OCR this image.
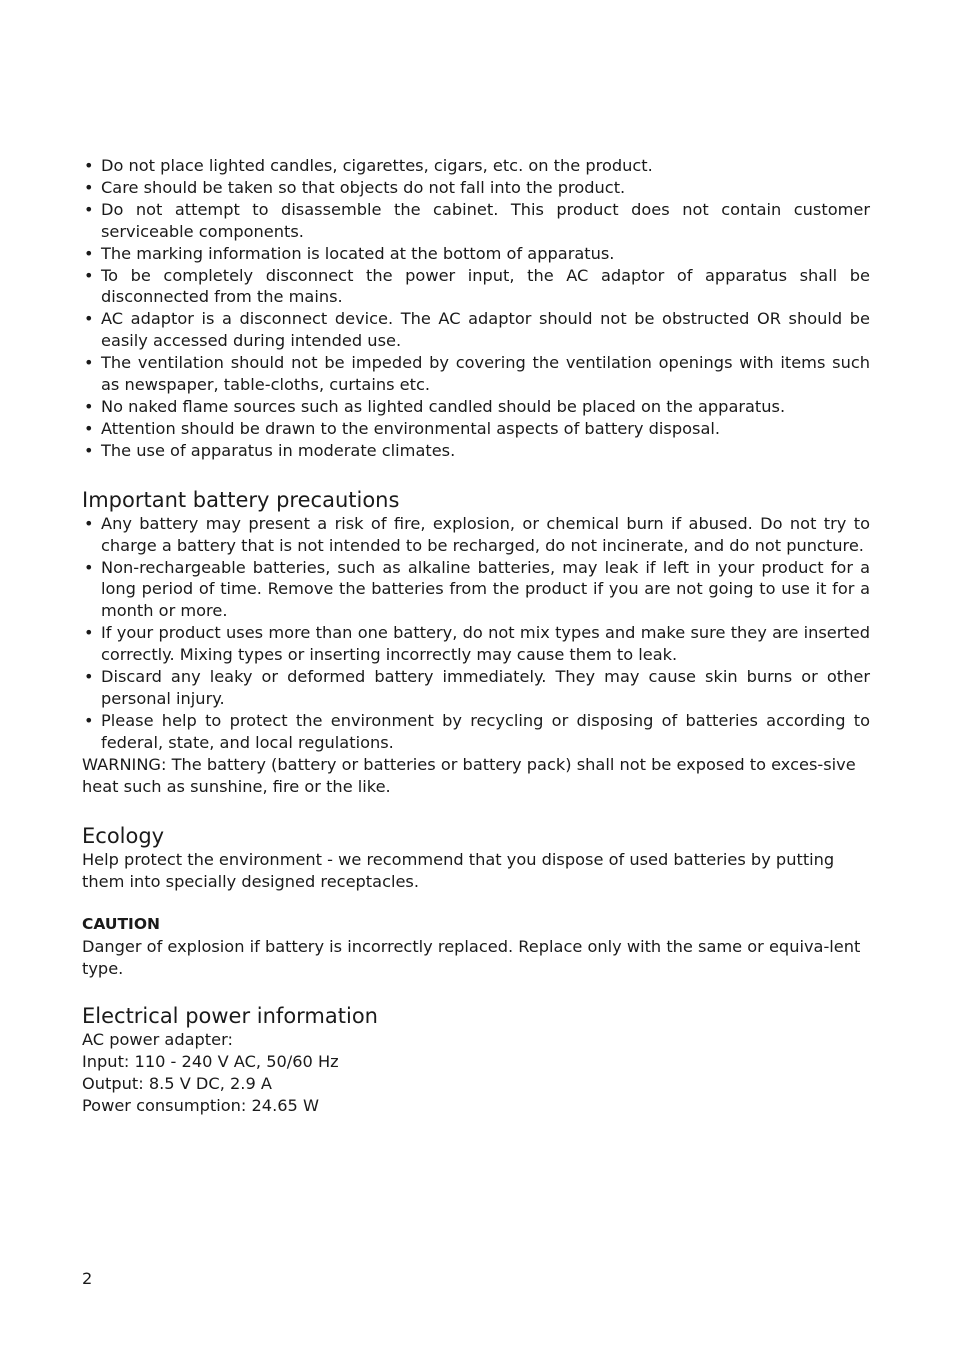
• Do not place lighted candles, cigarettes, cigars, etc. on the product.
• Care should be taken so that objects do not fall into the product.
• Do not attempt to disassemble the cabinet. This product does not contain customer serviceable components.
• The marking information is located at the bottom of apparatus.
• To be completely disconnect the power input, the AC adaptor of apparatus shall be disconnected from the mains.
• AC adaptor is a disconnect device. The AC adaptor should not be obstructed OR should be easily accessed during intended use.
• The ventilation should not be impeded by covering the ventilation openings with items such as newspaper, table-cloths, curtains etc.
• No naked flame sources such as lighted candled should be placed on the apparatus.
• Attention should be drawn to the environmental aspects of battery disposal.
• The use of apparatus in moderate climates.
Important battery precautions
• Any battery may present a risk of fire, explosion, or chemical burn if abused. Do not try to charge a battery that is not intended to be recharged, do not incinerate, and do not puncture.
• Non-rechargeable batteries, such as alkaline batteries, may leak if left in your product for a long period of time. Remove the batteries from the product if you are not going to use it for a month or more.
• If your product uses more than one battery, do not mix types and make sure they are inserted correctly. Mixing types or inserting incorrectly may cause them to leak.
• Discard any leaky or deformed battery immediately. They may cause skin burns or other personal injury.
• Please help to protect the environment by recycling or disposing of batteries according to federal, state, and local regulations.

WARNING: The battery (battery or batteries or battery pack) shall not be exposed to exces-sive heat such as sunshine, fire or the like.

Ecology

Help protect the environment - we recommend that you dispose of used batteries by putting them into specially designed receptacles.

CAUTION

Danger of explosion if battery is incorrectly replaced. Replace only with the same or equiva-lent type.

Electrical power information

AC power adapter:

Input: 110 - 240 V AC, 50/60 Hz

Output: 8.5 V DC, 2.9 A

Power consumption: 24.65 W

2
